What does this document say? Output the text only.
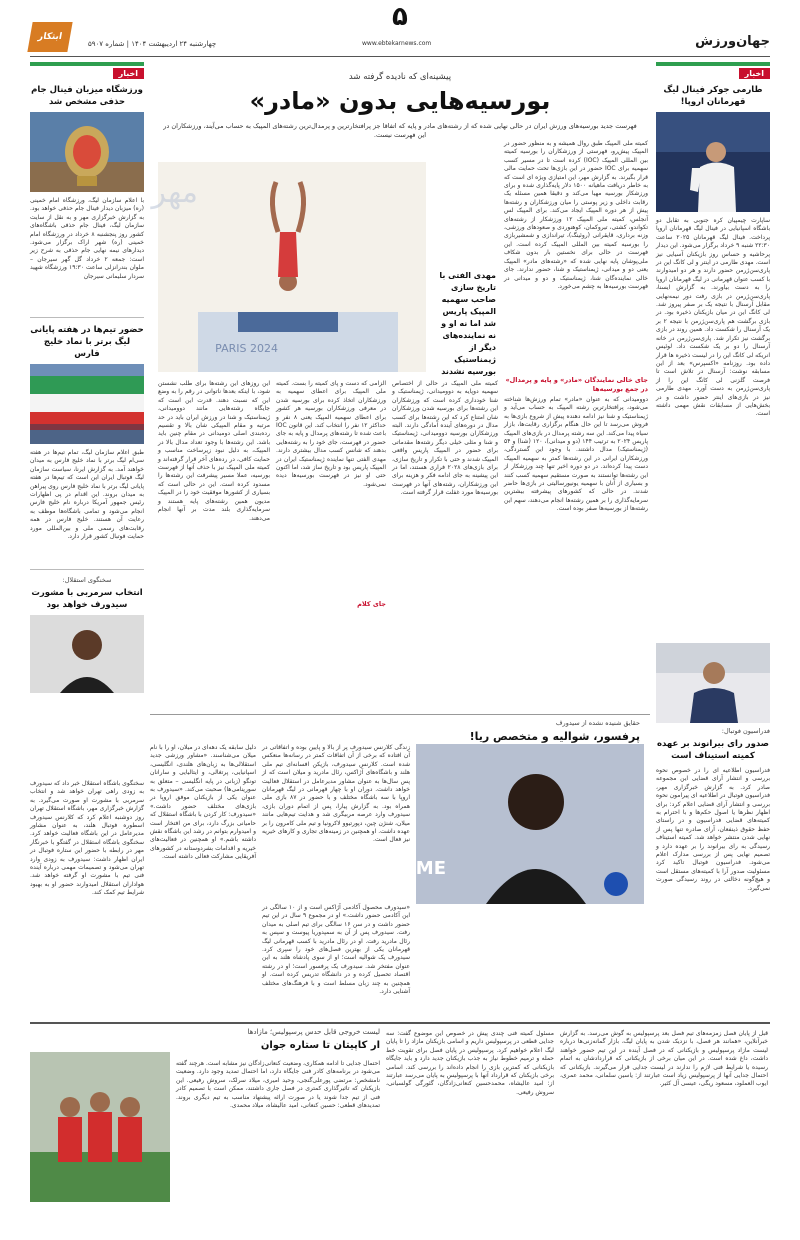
جهان‌ورزش
۵
www.ebtekarnews.com
چهارشنبه ۲۴ اردیبهشت ۱۴۰۴ | شماره ۵۹۰۷
ابتکار
اخبار
طارمی جوکر فینال لیگ قهرمانان اروپا!
ساپارت چیمپیان کره جنوبی به تقابل دو باشگاه اسپانیایی در فینال لیگ قهرمانان اروپا پرداخت. فینال لیگ قهرمانان ۲۰۲۵ ساعت ۲۲:۳۰ شنبه ۹ خرداد برگزار می‌شود. این دیدار پرحاشیه و حساس روز بازیکنان آسیایی نیز است. مهدی طارمی در اینتر و لی کانگ این در پاری‌سن‌ژرمن حضور دارند و هر دو امیدوارند با کسب عنوان قهرمانی در لیگ قهرمانان اروپا را به دست بیاورند. به گزارش ایسنا، پاری‌سن‌ژرمن در بازی رفت دور نیمه‌نهایی مقابل آرسنال با نتیجه یک بر صفر پیروز شد. لی کانگ این در میان بازیکنان ذخیره بود. در بازی برگشت هم پاری‌سن‌ژرمن با نتیجه ۲ بر یک آرسنال را شکست داد. همین روند در بازی برگشت نیز تکرار شد. پاری‌سن‌ژرمن در خانه آرسنال را دو بر یک شکست داد. لوئیس انریکه لی کانگ این را در لیست ذخیره ها قرار داده بود. روزنامه «اکسپرس» بعد از این مسابقه نوشت: آرسنال در تلاش است تا فرصت گلزنی لی کانگ این را از پاری‌سن‌ژرمن به دست آورد. مهدی طارمی نیز در بازی‌های اینتر حضور داشت و در بخش‌هایی از مسابقات نقش مهمی داشته است.
فدراسیون فوتبال:
صدور رای بیرانوند بر عهده کمیته استیناف است
فدراسیون اطلاعیه ای را در خصوص نحوه بررسی و انتشار آرای قضایی این مجموعه صادر کرد. به گزارش خبرگزاری مهر، فدراسیون فوتبال در اطلاعیه ای پیرامون نحوه بررسی و انتشار آرای قضایی اعلام کرد: برای اظهار نظرها یا اصول حکم‌ها و با احترام به کمیته‌های قضایی فدراسیون و در راستای حفظ حقوق ذینفعان، آرای صادره تنها پس از نهایی شدن منتشر خواهد شد. کمیته استیناف رسیدگی به رای بیرانوند را بر عهده دارد و تصمیم نهایی پس از بررسی مدارک اعلام می‌شود. فدراسیون فوتبال تاکید کرد مسئولیت صدور آرا با کمیته‌های مستقل است و هیچ‌گونه دخالتی در روند رسیدگی صورت نمی‌گیرد.
اخبار
ورزشگاه میزبان فینال جام حذفی مشخص شد
با اعلام سازمان لیگ، ورزشگاه امام خمینی (ره) میزبان دیدار فینال جام حذفی خواهد بود. به گزارش خبرگزاری مهر و به نقل از سایت سازمان لیگ، فینال جام حذفی باشگاه‌های کشور روز پنجشنبه ۸ خرداد در ورزشگاه امام خمینی (ره) شهر اراک برگزار می‌شود. دیدارهای نیمه نهایی جام حذفی به شرح زیر است: جمعه ۲ خرداد گل گهر سیرجان – ملوان بندرانزلی ساعت ۱۹:۳۰ ورزشگاه شهید سردار سلیمانی سیرجان
حضور تیم‌ها در هفته پایانی لیگ برتر با نماد خلیج فارس
طبق اعلام سازمان لیگ، تمام تیم‌ها در هفته سی‌ام لیگ برتر با نماد خلیج فارس به میدان خواهند آمد. به گزارش ایرنا، سیاست سازمان لیگ فوتبال ایران این است که تیم‌ها در هفته پایانی لیگ برتر با نماد خلیج فارس روی پیراهن به میدان بروند. این اقدام در پی اظهارات رئیس جمهور آمریکا درباره نام خلیج فارس انجام می‌شود و تمامی باشگاه‌ها موظف به رعایت آن هستند. خلیج فارس در همه رقابت‌های رسمی ملی و بین‌المللی مورد حمایت فوتبال کشور قرار دارد.
سخنگوی استقلال:
انتخاب سرمربی با مشورت سیدورف خواهد بود
سخنگوی باشگاه استقلال خبر داد که سیدورف به زودی راهی تهران خواهد شد و انتخاب سرمربی با مشورت او صورت می‌گیرد. به گزارش خبرگزاری مهر، باشگاه استقلال تهران روز دوشنبه اعلام کرد که کلارنس سیدورف اسطوره فوتبال هلند، به عنوان مشاور مدیرعامل در این باشگاه فعالیت خواهد کرد. سخنگوی باشگاه استقلال در گفتگو با خبرنگار مهر در رابطه با حضور این ستاره فوتبال در ایران اظهار داشت: سیدورف به زودی وارد تهران می‌شود و تصمیمات مهمی درباره آینده فنی تیم با مشورت او گرفته خواهد شد. هواداران استقلال امیدوارند حضور او به بهبود شرایط تیم کمک کند.
پیشینه‌ای که نادیده گرفته شد
بورسیه‌هایی بدون «مادر»
فهرست جدید بورسیه‌های ورزش ایران در حالی نهایی شده که از رشته‌های مادر و پایه که اتفاقا جز پرافتخارترین و پرمدال‌ترین رشته‌های المپیک به حساب می‌آیند، ورزشکاران در این فهرست نیست.
PARIS 2024
مهر
مهدی الفتی با تاریخ سازی صاحب سهمیه المپیک پاریس شد اما نه او و نه نماینده‌های دیگر از ژیمناستیک بورسیه نشدند
کمیته ملی المپیک طبق روال همیشه و به منظور حضور در المپیک پیش‌رو، فهرستی از ورزشکاران را بورسیه کمیته بین المللی المپیک (IOC) کرده است تا در مسیر کسب سهمیه برای IOC حضور در این بازی‌ها تحت حمایت مالی قرار بگیرند. به گزارش مهر، این امتیازی ویژه ای است که به خاطر دریافت ماهیانه ۱۵۰۰ دلار پایه‌گذاری شده و برای ورزشکار بورسیه مهیا می‌کند و دقیقا همین مسئله یک رقابت داخلی و زیر پوستی را میان ورزشکاران و رشته‌ها پیش از هر دوره المپیک ایجاد می‌کند. برای المپیک لس آنجلس، کمیته ملی المپیک ۱۲ ورزشکار از رشته‌های تکواندو، کشتی، تیروکمان، کوهنوردی و صعودهای ورزشی، وزنه برداری، قایقرانی (روئینگ)، تیراندازی و شمشیربازی را بورسیه کمیته بین المللی المپیک کرده است. این فهرست در حالی برای نخستین بار بدون شکاف ملی‌پوشان پایه نهایی شده که «رشته‌های مادر» المپیک یعنی دو و میدانی، ژیمناستیک و شنا، حضور ندارند. جای خالی نماینده‌گان شنا، ژیمناستیک و دو و میدانی در فهرست بورسیه‌ها به چشم می‌خورد.
جای خالی نمایندگان «مادر» و پایه و پرمدال» در جمع بورسیه‌ها
دوومیدانی که به عنوان «مادر» تمام ورزش‌ها شناخته می‌شود، پرافتخارترین رشته المپیک به حساب می‌آید و ژیمناستیک و شنا نیز ادامه دهنده پیش از شروع بازی‌ها به فروش می‌رسد تا این حال هنگام برگزاری رقابت‌ها، بازار سیاه پیدا می‌کند. این سه رشته پرمدال در بازی‌های المپیک پاریس ۲۰۲۴ به ترتیب ۱۴۴ (دو و میدانی)، ۱۲۰ (شنا) و ۵۴ (ژیمناستیک) مدال داشتند. با وجود این گستردگی، ورزشکاران ایرانی در این رشته‌ها کمتر به سهمیه المپیک دست پیدا کرده‌اند. در دو دوره اخیر تنها چند ورزشکار از این رشته‌ها توانستند به صورت مستقیم سهمیه کسب کنند و بسیاری از آنان با سهمیه یونیورسالیتی در بازی‌ها حاضر شدند. در حالی که کشورهای پیشرفته بیشترین سرمایه‌گذاری را بر همین رشته‌ها انجام می‌دهند، سهم این رشته‌ها از بورسیه‌ها صفر بوده است.
کمیته ملی المپیک در حالی از اختصاص سهمیه دوپایه به دوومیدانی، ژیمناستیک و شنا خودداری کرده است که ورزشکاران این رشته‌ها برای بورسیه شدن ورزشکاران شان امتناع کرد که این رشته‌ها برای کسب مدال در دوره‌های آینده آمادگی دارند. البته ورزشکاران بورسیه دوومیدانی، ژیمناستیک و شنا و مثلی خیلی دیگر رشته‌ها مقدماتی برای حضور در المپیک پاریس واقعی المپیک شدند و حتی با تکرار و تاریخ سازی، برای بازی‌های ۲۰۲۸ فراری هستند، اما در این پیشینه به جای ادامه فکر و هزینه برای این ورزشکاران، رشته‌های آنها در فهرست بورسیه‌ها مورد غفلت قرار گرفته است.
الزامی که دست و پای کمیته را بست. کمیته ملی المپیک برای اعطای سهمیه به ورزشکاران اتخاذ کرده برای بورسیه شدن در معرفی ورزشکاران بورسیه هر کشور برای اعطای سهمیه المپیک یعنی ۸ نفر و حداکثر ۱۲ نفر را انتخاب کند. این قانون IOC باعث شده تا رشته‌های پرمدال و پایه به جای حضور در فهرست، جای خود را به رشته‌هایی بدهند که شانس کسب مدال بیشتری دارند. مهدی الفتی تنها نماینده ژیمناستیک ایران در المپیک پاریس بود و تاریخ ساز شد، اما اکنون حتی او نیز در فهرست بورسیه‌ها دیده نمی‌شود.
جای کلام
این روزهای این رشته‌ها برای طلب نشستن شود، با اینکه بعدها ناتوانی در رقم را به وضع این که نسبت دهند. قدرت این است که جایگاه رشته‌هایی مانند دوومیدانی، ژیمناستیک و شنا در ورزش ایران باید در حد مرتبه و مقام المپیکی شان بالا و تقسیم رده‌بندی اصلی دومیدانی در مقام چنین باید باشد. این رشته‌ها با وجود تعداد مدال بالا در المپیک، به دلیل نبود زیرساخت مناسب و حمایت کافی، در رده‌های آخر قرار گرفته‌اند و کمیته ملی المپیک نیز با حذف آنها از فهرست بورسیه، عملا مسیر پیشرفت این رشته‌ها را مسدود کرده است. این در حالی است که بسیاری از کشورها موفقیت خود را در المپیک مدیون همین رشته‌های پایه هستند و سرمایه‌گذاری بلند مدت بر آنها انجام می‌دهند.
حقایق شنیده نشده از سیدورف
پرفسور، شوالیه و متخصص ریا!
WELCOME
زندگی کلارنس سیدورف پر از بالا و پایین بوده و اتفاقاتی در آن افتاده که برخی از آن اتفاقات کمتر در رسانه‌ها منعکس شده است. کلارنس سیدورف، بازیکن افسانه‌ای تیم ملی هلند و باشگاه‌های آژاکس، رئال مادرید و میلان است که از پس سال‌ها به عنوان مشاور مدیرعامل در استقلال فعالیت خواهد داشت. دوران او با چهار قهرمانی در لیگ قهرمانان اروپا با سه باشگاه مختلف و با حضور در ۸۷ بازی ملی همراه بود. به گزارش پیارا، پس از اتمام دوران بازی، سیدورف وارد عرصه مربیگری شد و هدایت تیم‌هایی مانند میلان، شنژن چین، دپورتیوو لاکرونیا و تیم ملی کامرون را بر عهده داشت. او همچنین در زمینه‌های تجاری و کارهای خیریه نیز فعال است.
«سیدورف محصول آکادمی آژاکس است و از ۱۰ سالگی در این آکادمی حضور داشت.» او در مجموع ۹ سال در این تیم حضور داشت و در سن ۱۶ سالگی برای تیم اصلی به میدان رفت. سیدورف پس از آن به سمپدوریا پیوست و سپس به رئال مادرید رفت. او در رئال مادرید با کسب قهرمانی لیگ قهرمانان یکی از بهترین فصل‌های خود را سپری کرد. سیدورف یک شوالیه است؛ او از سوی پادشاه هلند به این عنوان مفتخر شد. سیدورف یک پرفسور است؛ او در رشته اقتصاد تحصیل کرده و در دانشگاه تدریس کرده است. او همچنین به چند زبان مسلط است و با فرهنگ‌های مختلف آشنایی دارد.
دلیل سابقه یک دهه‌ای در میلان، او را با نام میلان می‌شناسند. «مشاور ورزشی جدید استقلالی‌ها به زبان‌های هلندی، انگلیسی، اسپانیایی، پرتغالی، و ایتالیایی و سارانان تونگو (زبانی در پایه انگلیسی – متعلق به سورینامی‌ها) صحبت می‌کند. «سیدورف به عنوان یکی از بازیکنان موفق اروپا در بازی‌های مختلف حضور داشت.» «سیدورف: کار کردن با باشگاه استقلال که حامیانی بزرگ دارد، برای من افتخار است و امیدوارم بتوانم در رشد این باشگاه نقش داشته باشم.» او همچنین در فعالیت‌های خیریه و اقدامات بشردوستانه در کشورهای آفریقایی مشارکت فعالی داشته است.
لیست خروجی قابل حدس پرسپولیس؛ مازادها
ار کاپیتان تا ستاره جوان
قبل از پایان فصل زمزمه‌های تیم فصل بعد پرسپولیس به گوش می‌رسد. به گزارش خبرآنلاین، «همانند هر فصل، با نزدیک شدن به پایان لیگ، بازار گمانه‌زنی‌ها درباره لیست مازاد پرسپولیس و بازیکنانی که در فصل آینده در این تیم حضور خواهند داشت، داغ شده است. در این میان برخی از بازیکنانی که قراردادشان به اتمام رسیده یا شرایط فنی لازم را ندارند در لیست جدایی قرار می‌گیرند. بازیکنانی که احتمال جدایی آنها از پرسپولیس زیاد است عبارتند از: یاسین سلمانی، محمد عمری، ایوب العملود، مسعود ریگی، عیسی آل کثیر.
مسئول کمیته فنی چندی پیش در خصوص این موضوع گفت: سه جدایی قطعی در پرسپولیس داریم و اسامی بازیکنان مازاد را تا پایان لیگ اعلام خواهیم کرد. پرسپولیس در پایان فصل برای تقویت خط حمله و ترمیم خطوط نیاز به جذب بازیکنان جدید دارد و باید جایگاه بازیکنانی که کمترین بازی را انجام داده‌اند را بررسی کند. اسامی برخی بازیکنان که قرارداد آنها با پرسپولیس به پایان می‌رسد عبارتند از: امید عالیشاه، محمدحسین کنعانی‌زادگان، گئورگی گولسیانی، سروش رفیعی.
احتمال جدایی تا ادامه همکاری، وضعیت کنعانی‌زادگان نیز مشابه است. هرچند گفته می‌شود در برنامه‌های کادر فنی جایگاه دارد، اما احتمال تمدید وجود دارد. وضعیت نامشخص: مرتضی پورعلی‌گنجی، وحید امیری، میلاد سرلک، سروش رفیعی. این بازیکنان که تاثیرگذاری کمتری در فصل جاری داشتند، ممکن است با تصمیم کادر فنی از تیم جدا شوند یا در صورت ارائه پیشنهاد مناسب به تیم دیگری بروند. تمدیدهای قطعی: حسین کنعانی، امید عالیشاه، میلاد محمدی.
